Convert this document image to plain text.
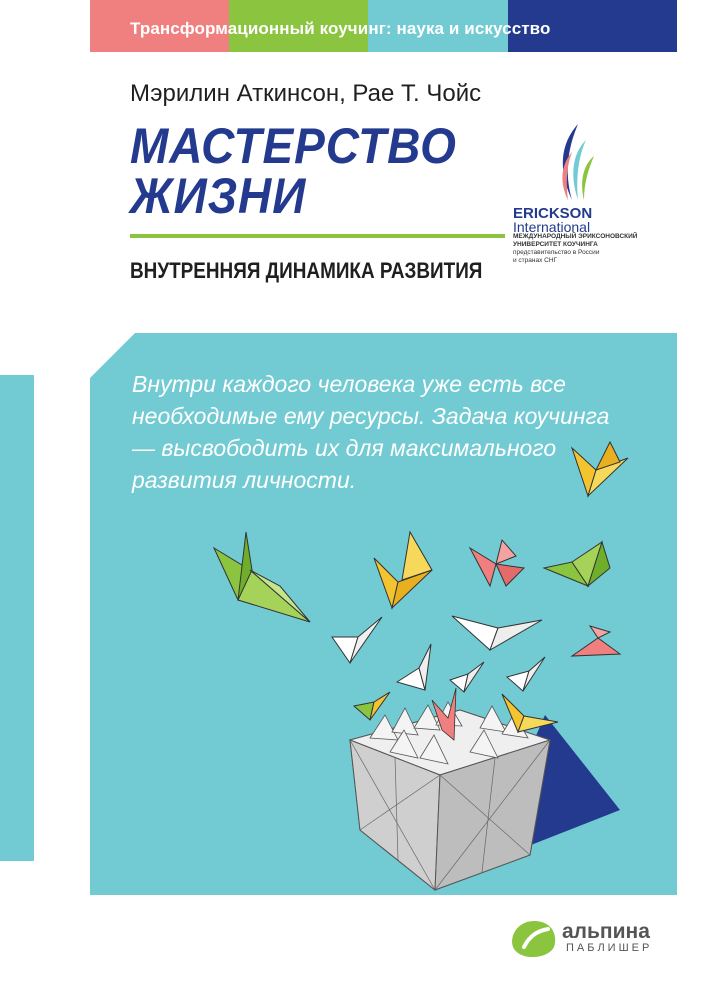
Трансформационный коучинг: наука и искусство
Мэрилин Аткинсон, Рае Т. Чойс
МАСТЕРСТВО
ЖИЗНИ
ВНУТРЕННЯЯ ДИНАМИКА РАЗВИТИЯ
ERICKSON
International
МЕЖДУНАРОДНЫЙ ЭРИКСОНОВСКИЙ
УНИВЕРСИТЕТ КОУЧИНГА
представительство в России
и странах СНГ

Внутри каждого человека уже есть все необходимые ему ресурсы. Задача коучинга — высвободить их для максимального развития личности.

альпина
ПАБЛИШЕР
